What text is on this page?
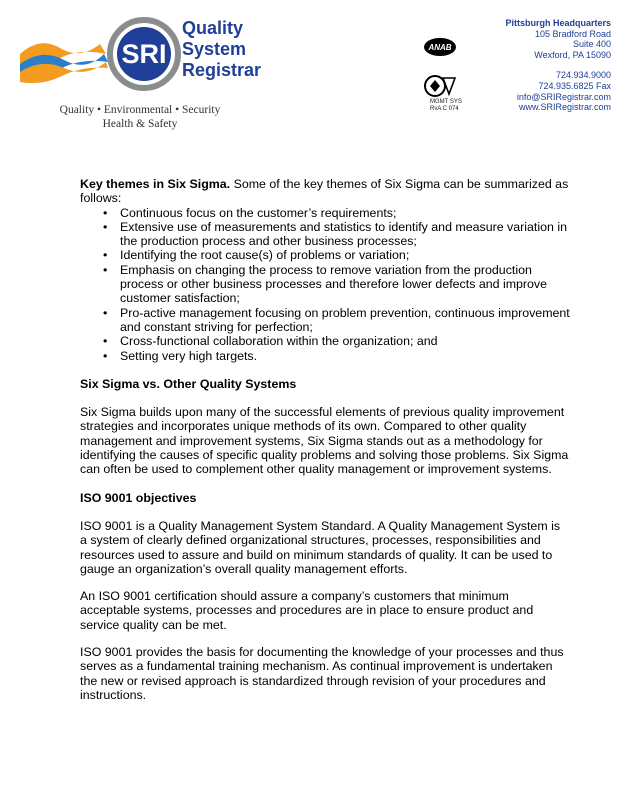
SRI
Quality
System
Registrar
Quality • Environmental • Security
Health & Safety
ANAB
MGMT SYS
RvA C 074
Pittsburgh Headquarters
105 Bradford Road
Suite 400
Wexford, PA 15090
724.934.9000
724.935.6825 Fax
info@SRIRegistrar.com
www.SRIRegistrar.com

Key themes in Six Sigma. Some of the key themes of Six Sigma can be summarized as follows:

• Continuous focus on the customer’s requirements;
• Extensive use of measurements and statistics to identify and measure variation in the production process and other business processes;
• Identifying the root cause(s) of problems or variation;
• Emphasis on changing the process to remove variation from the production process or other business processes and therefore lower defects and improve customer satisfaction;
• Pro-active management focusing on problem prevention, continuous improvement and constant striving for perfection;
• Cross-functional collaboration within the organization; and
• Setting very high targets.

Six Sigma vs. Other Quality Systems

Six Sigma builds upon many of the successful elements of previous quality improvement strategies and incorporates unique methods of its own. Compared to other quality management and improvement systems, Six Sigma stands out as a methodology for identifying the causes of specific quality problems and solving those problems. Six Sigma can often be used to complement other quality management or improvement systems.

ISO 9001 objectives

ISO 9001 is a Quality Management System Standard. A Quality Management System is a system of clearly defined organizational structures, processes, responsibilities and resources used to assure and build on minimum standards of quality. It can be used to gauge an organization’s overall quality management efforts.

An ISO 9001 certification should assure a company’s customers that minimum acceptable systems, processes and procedures are in place to ensure product and service quality can be met.

ISO 9001 provides the basis for documenting the knowledge of your processes and thus serves as a fundamental training mechanism. As continual improvement is undertaken the new or revised approach is standardized through revision of your procedures and instructions.
